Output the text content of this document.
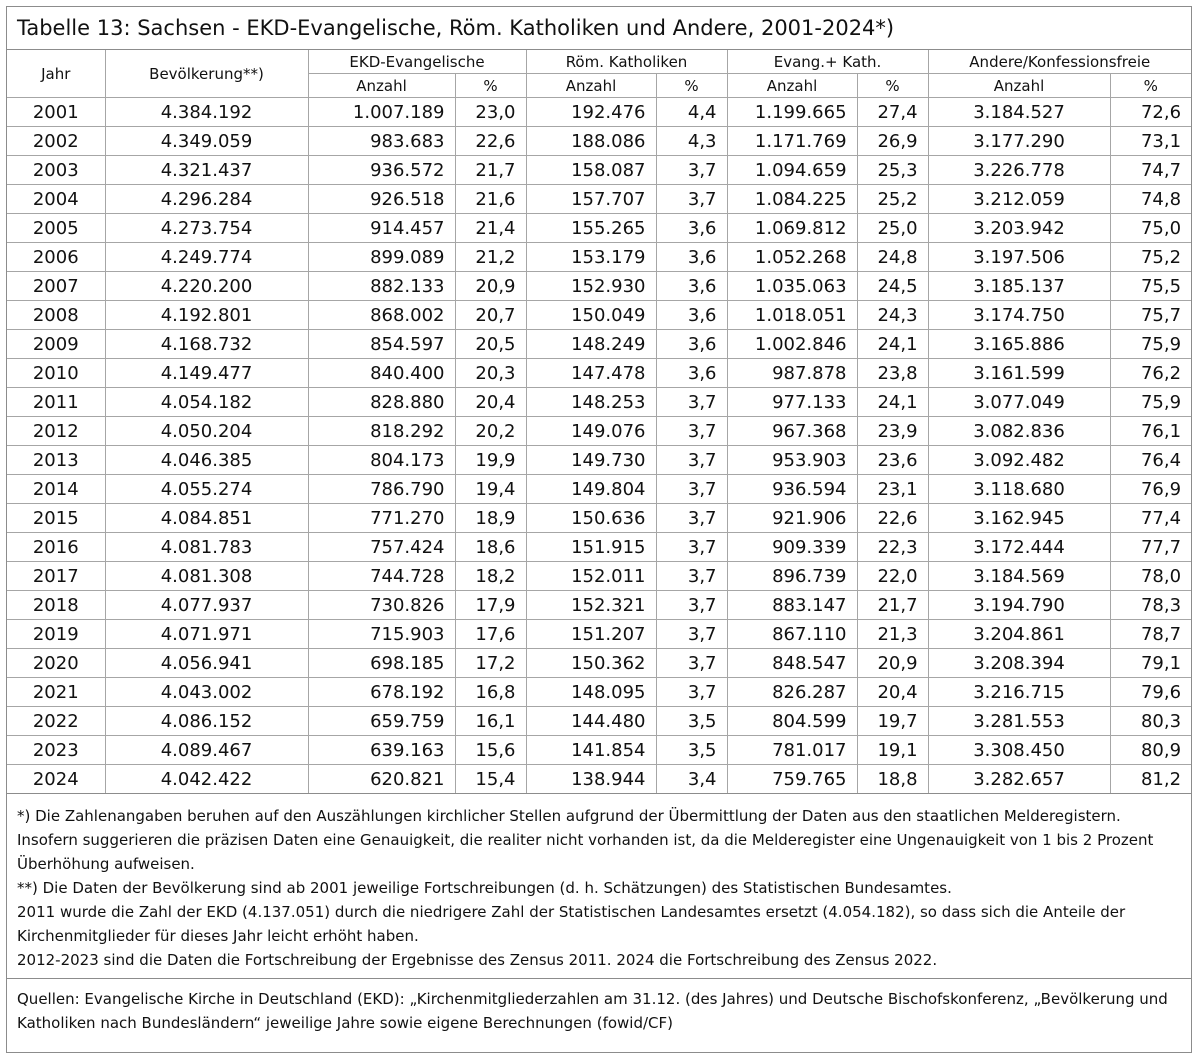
Tabelle 13: Sachsen - EKD-Evangelische, Röm. Katholiken und Andere, 2001-2024*)
Jahr	Bevölkerung**)	EKD-Evangelische		Röm. Katholiken		Evang.+ Kath.		Andere/Konfessionsfreie	
		Anzahl	%	Anzahl	%	Anzahl	%	Anzahl	%
2001	4.384.192	1.007.189	23,0	192.476	4,4	1.199.665	27,4	3.184.527	72,6
2002	4.349.059	983.683	22,6	188.086	4,3	1.171.769	26,9	3.177.290	73,1
2003	4.321.437	936.572	21,7	158.087	3,7	1.094.659	25,3	3.226.778	74,7
2004	4.296.284	926.518	21,6	157.707	3,7	1.084.225	25,2	3.212.059	74,8
2005	4.273.754	914.457	21,4	155.265	3,6	1.069.812	25,0	3.203.942	75,0
2006	4.249.774	899.089	21,2	153.179	3,6	1.052.268	24,8	3.197.506	75,2
2007	4.220.200	882.133	20,9	152.930	3,6	1.035.063	24,5	3.185.137	75,5
2008	4.192.801	868.002	20,7	150.049	3,6	1.018.051	24,3	3.174.750	75,7
2009	4.168.732	854.597	20,5	148.249	3,6	1.002.846	24,1	3.165.886	75,9
2010	4.149.477	840.400	20,3	147.478	3,6	987.878	23,8	3.161.599	76,2
2011	4.054.182	828.880	20,4	148.253	3,7	977.133	24,1	3.077.049	75,9
2012	4.050.204	818.292	20,2	149.076	3,7	967.368	23,9	3.082.836	76,1
2013	4.046.385	804.173	19,9	149.730	3,7	953.903	23,6	3.092.482	76,4
2014	4.055.274	786.790	19,4	149.804	3,7	936.594	23,1	3.118.680	76,9
2015	4.084.851	771.270	18,9	150.636	3,7	921.906	22,6	3.162.945	77,4
2016	4.081.783	757.424	18,6	151.915	3,7	909.339	22,3	3.172.444	77,7
2017	4.081.308	744.728	18,2	152.011	3,7	896.739	22,0	3.184.569	78,0
2018	4.077.937	730.826	17,9	152.321	3,7	883.147	21,7	3.194.790	78,3
2019	4.071.971	715.903	17,6	151.207	3,7	867.110	21,3	3.204.861	78,7
2020	4.056.941	698.185	17,2	150.362	3,7	848.547	20,9	3.208.394	79,1
2021	4.043.002	678.192	16,8	148.095	3,7	826.287	20,4	3.216.715	79,6
2022	4.086.152	659.759	16,1	144.480	3,5	804.599	19,7	3.281.553	80,3
2023	4.089.467	639.163	15,6	141.854	3,5	781.017	19,1	3.308.450	80,9
2024	4.042.422	620.821	15,4	138.944	3,4	759.765	18,8	3.282.657	81,2

*) Die Zahlenangaben beruhen auf den Auszählungen kirchlicher Stellen aufgrund der Übermittlung der Daten aus den staatlichen Melderegistern. Insofern suggerieren die präzisen Daten eine Genauigkeit, die realiter nicht vorhanden ist, da die Melderegister eine Ungenauigkeit von 1 bis 2 Prozent Überhöhung aufweisen.

**) Die Daten der Bevölkerung sind ab 2001 jeweilige Fortschreibungen (d. h. Schätzungen) des Statistischen Bundesamtes.

2011 wurde die Zahl der EKD (4.137.051) durch die niedrigere Zahl der Statistischen Landesamtes ersetzt (4.054.182), so dass sich die Anteile der Kirchenmitglieder für dieses Jahr leicht erhöht haben.

2012-2023 sind die Daten die Fortschreibung der Ergebnisse des Zensus 2011. 2024 die Fortschreibung des Zensus 2022.

Quellen: Evangelische Kirche in Deutschland (EKD): „Kirchenmitgliederzahlen am 31.12. (des Jahres) und Deutsche Bischofskonferenz, „Bevölkerung und Katholiken nach Bundesländern“ jeweilige Jahre sowie eigene Berechnungen (fowid/CF)
